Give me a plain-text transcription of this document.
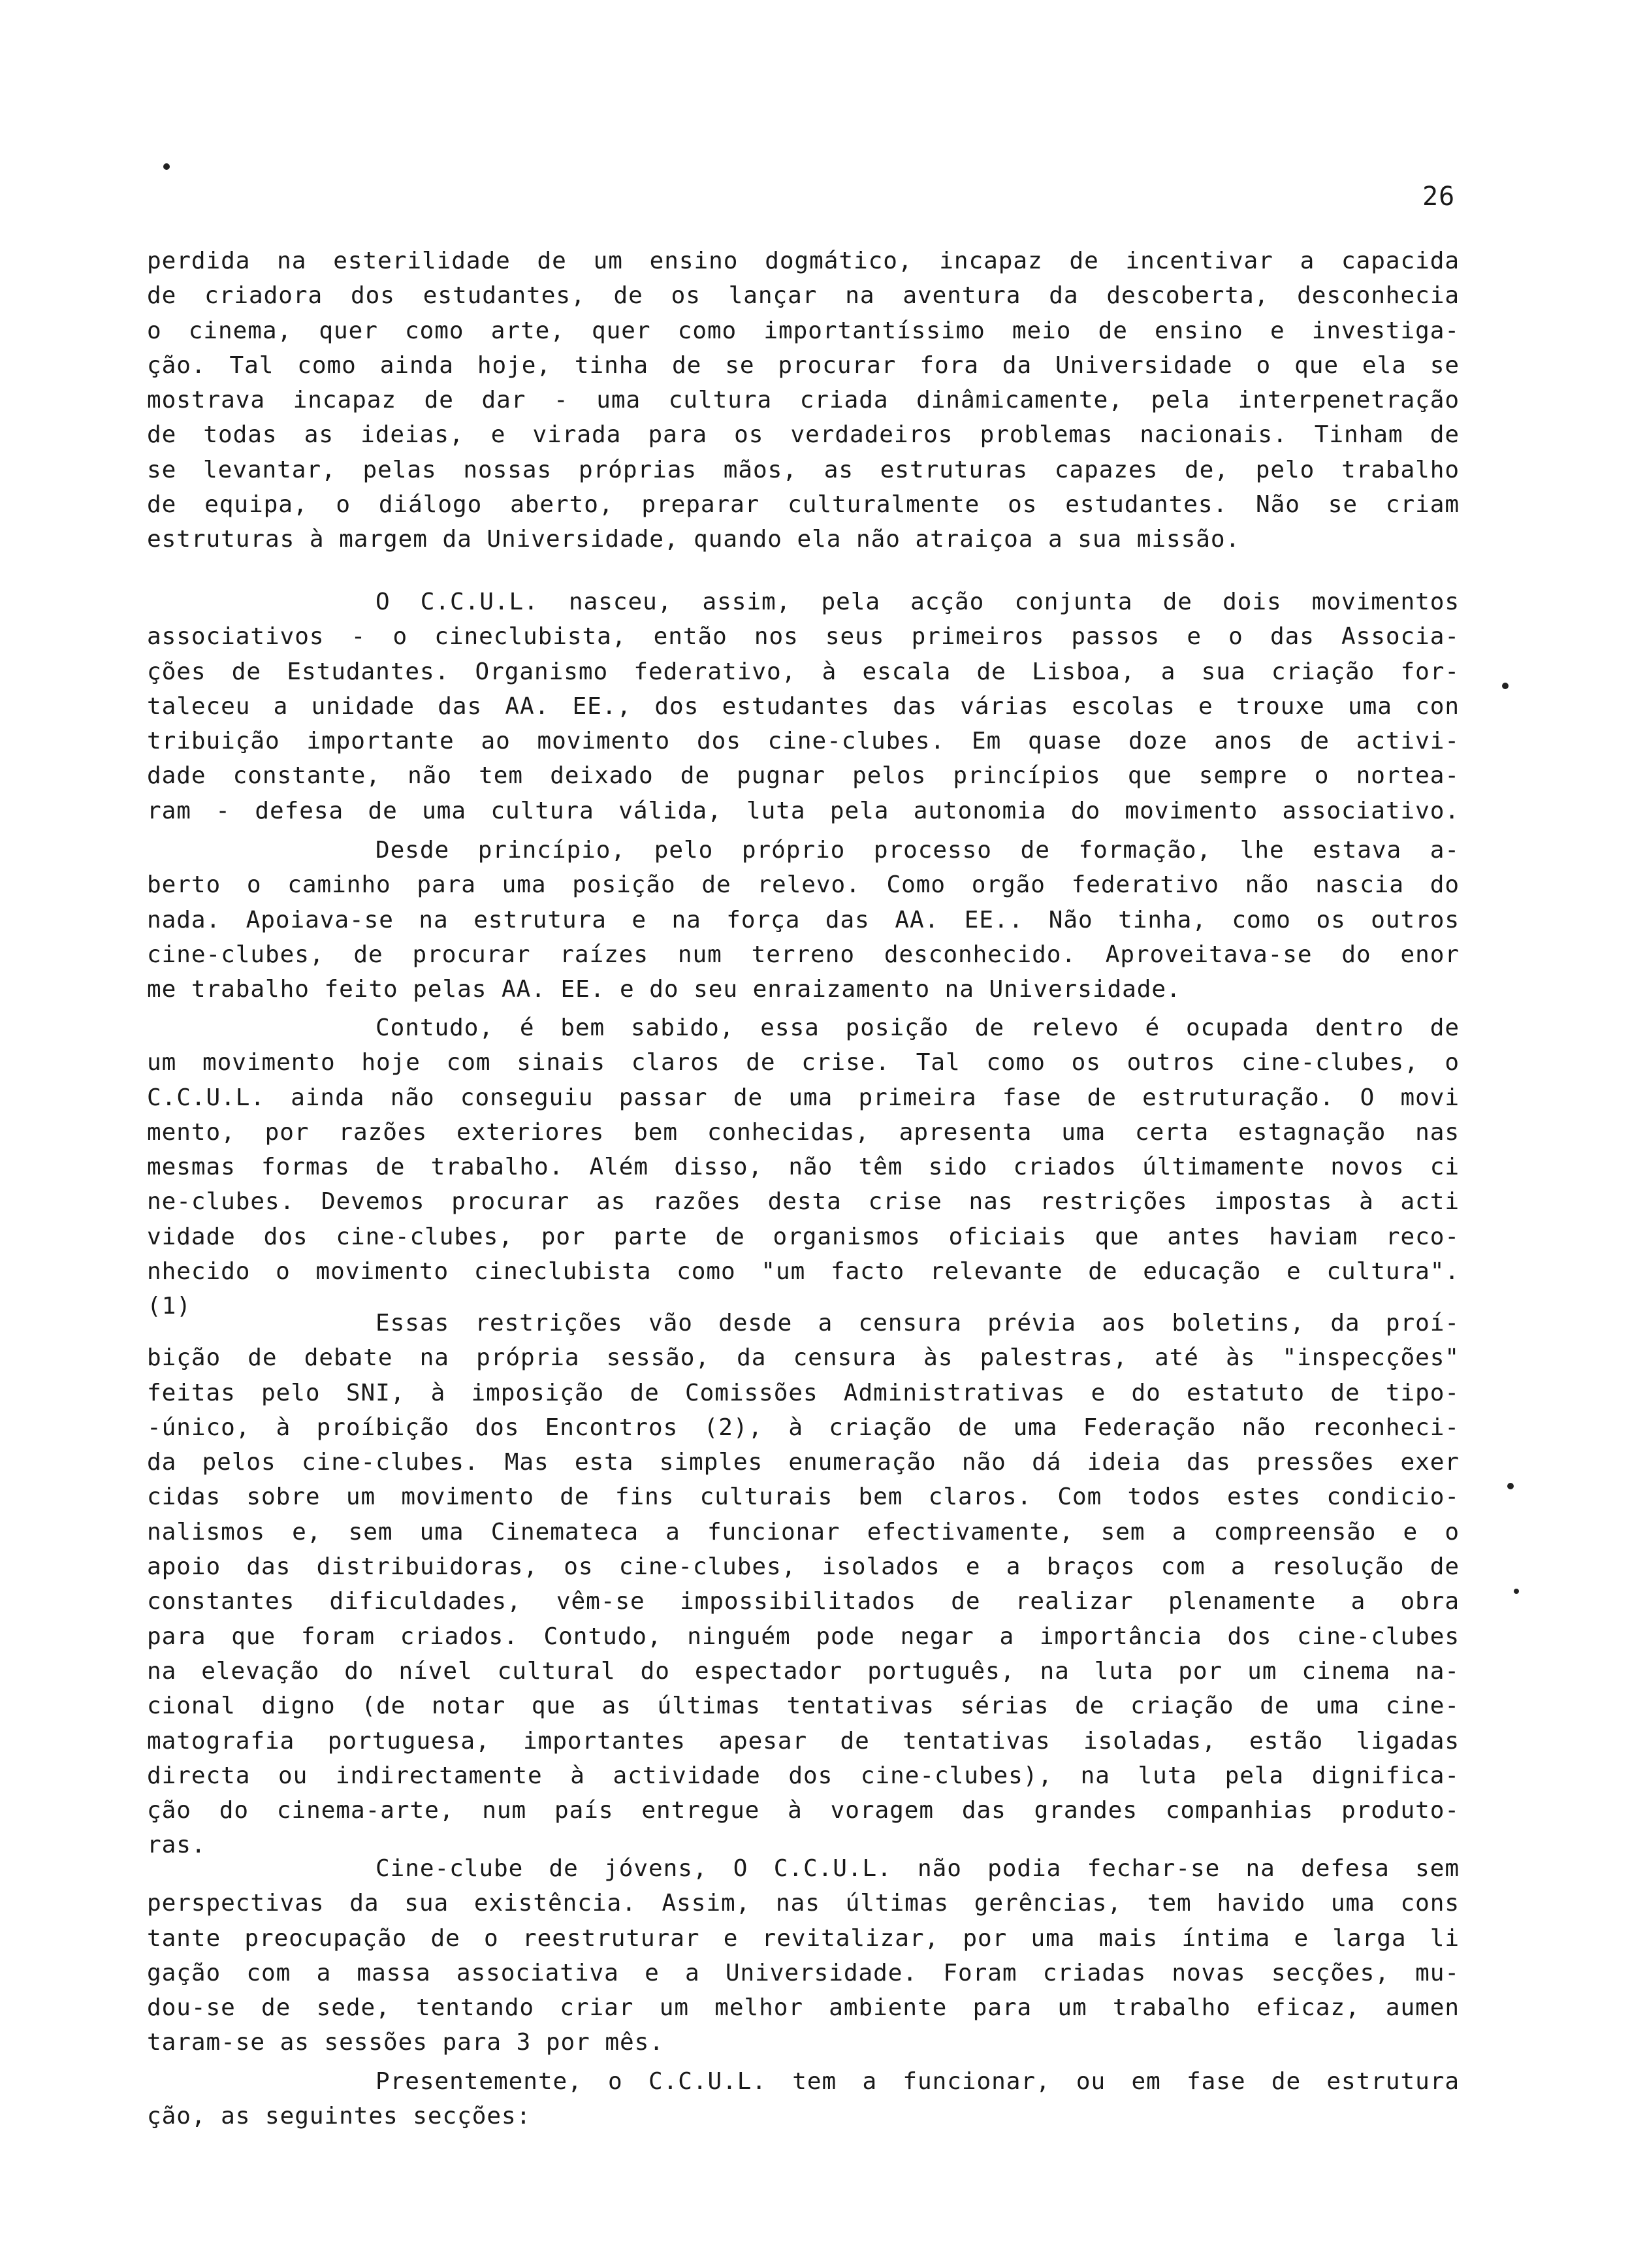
26
perdida na esterilidade de um ensino dogmático, incapaz de incentivar a capacida
de criadora dos estudantes, de os lançar na aventura da descoberta, desconhecia
o cinema, quer como arte, quer como importantíssimo meio de ensino e investiga-
ção. Tal como ainda hoje, tinha de se procurar fora da Universidade o que ela se
mostrava incapaz de dar - uma cultura criada dinâmicamente, pela interpenetração
de todas as ideias, e virada para os verdadeiros problemas nacionais. Tinham de
se levantar, pelas nossas próprias mãos, as estruturas capazes de, pelo trabalho
de equipa, o diálogo aberto, preparar culturalmente os estudantes. Não se criam
estruturas à margem da Universidade, quando ela não atraiçoa a sua missão.
O C.C.U.L. nasceu, assim, pela acção conjunta de dois movimentos
associativos - o cineclubista, então nos seus primeiros passos e o das Associa-
ções de Estudantes. Organismo federativo, à escala de Lisboa, a sua criação for-
taleceu a unidade das AA. EE., dos estudantes das várias escolas e trouxe uma con
tribuição importante ao movimento dos cine-clubes. Em quase doze anos de activi-
dade constante, não tem deixado de pugnar pelos princípios que sempre o nortea-
ram - defesa de uma cultura válida, luta pela autonomia do movimento associativo.
Desde princípio, pelo próprio processo de formação, lhe estava a-
berto o caminho para uma posição de relevo. Como orgão federativo não nascia do
nada. Apoiava-se na estrutura e na força das AA. EE.. Não tinha, como os outros
cine-clubes, de procurar raízes num terreno desconhecido. Aproveitava-se do enor
me trabalho feito pelas AA. EE. e do seu enraizamento na Universidade.
Contudo, é bem sabido, essa posição de relevo é ocupada dentro de
um movimento hoje com sinais claros de crise. Tal como os outros cine-clubes, o
C.C.U.L. ainda não conseguiu passar de uma primeira fase de estruturação. O movi
mento, por razões exteriores bem conhecidas, apresenta uma certa estagnação nas
mesmas formas de trabalho. Além disso, não têm sido criados últimamente novos ci
ne-clubes. Devemos procurar as razões desta crise nas restrições impostas à acti
vidade dos cine-clubes, por parte de organismos oficiais que antes haviam reco-
nhecido o movimento cineclubista como "um facto relevante de educação e cultura".
(1)
Essas restrições vão desde a censura prévia aos boletins, da proí-
bição de debate na própria sessão, da censura às palestras, até às "inspecções"
feitas pelo SNI, à imposição de Comissões Administrativas e do estatuto de tipo-
-único, à proíbição dos Encontros (2), à criação de uma Federação não reconheci-
da pelos cine-clubes. Mas esta simples enumeração não dá ideia das pressões exer
cidas sobre um movimento de fins culturais bem claros. Com todos estes condicio-
nalismos e, sem uma Cinemateca a funcionar efectivamente, sem a compreensão e o
apoio das distribuidoras, os cine-clubes, isolados e a braços com a resolução de
constantes dificuldades, vêm-se impossibilitados de realizar plenamente a obra
para que foram criados. Contudo, ninguém pode negar a importância dos cine-clubes
na elevação do nível cultural do espectador português, na luta por um cinema na-
cional digno (de notar que as últimas tentativas sérias de criação de uma cine-
matografia portuguesa, importantes apesar de tentativas isoladas, estão ligadas
directa ou indirectamente à actividade dos cine-clubes), na luta pela dignifica-
ção do cinema-arte, num país entregue à voragem das grandes companhias produto-
ras.
Cine-clube de jóvens, O C.C.U.L. não podia fechar-se na defesa sem
perspectivas da sua existência. Assim, nas últimas gerências, tem havido uma cons
tante preocupação de o reestruturar e revitalizar, por uma mais íntima e larga li
gação com a massa associativa e a Universidade. Foram criadas novas secções, mu-
dou-se de sede, tentando criar um melhor ambiente para um trabalho eficaz, aumen
taram-se as sessões para 3 por mês.
Presentemente, o C.C.U.L. tem a funcionar, ou em fase de estrutura
ção, as seguintes secções:
